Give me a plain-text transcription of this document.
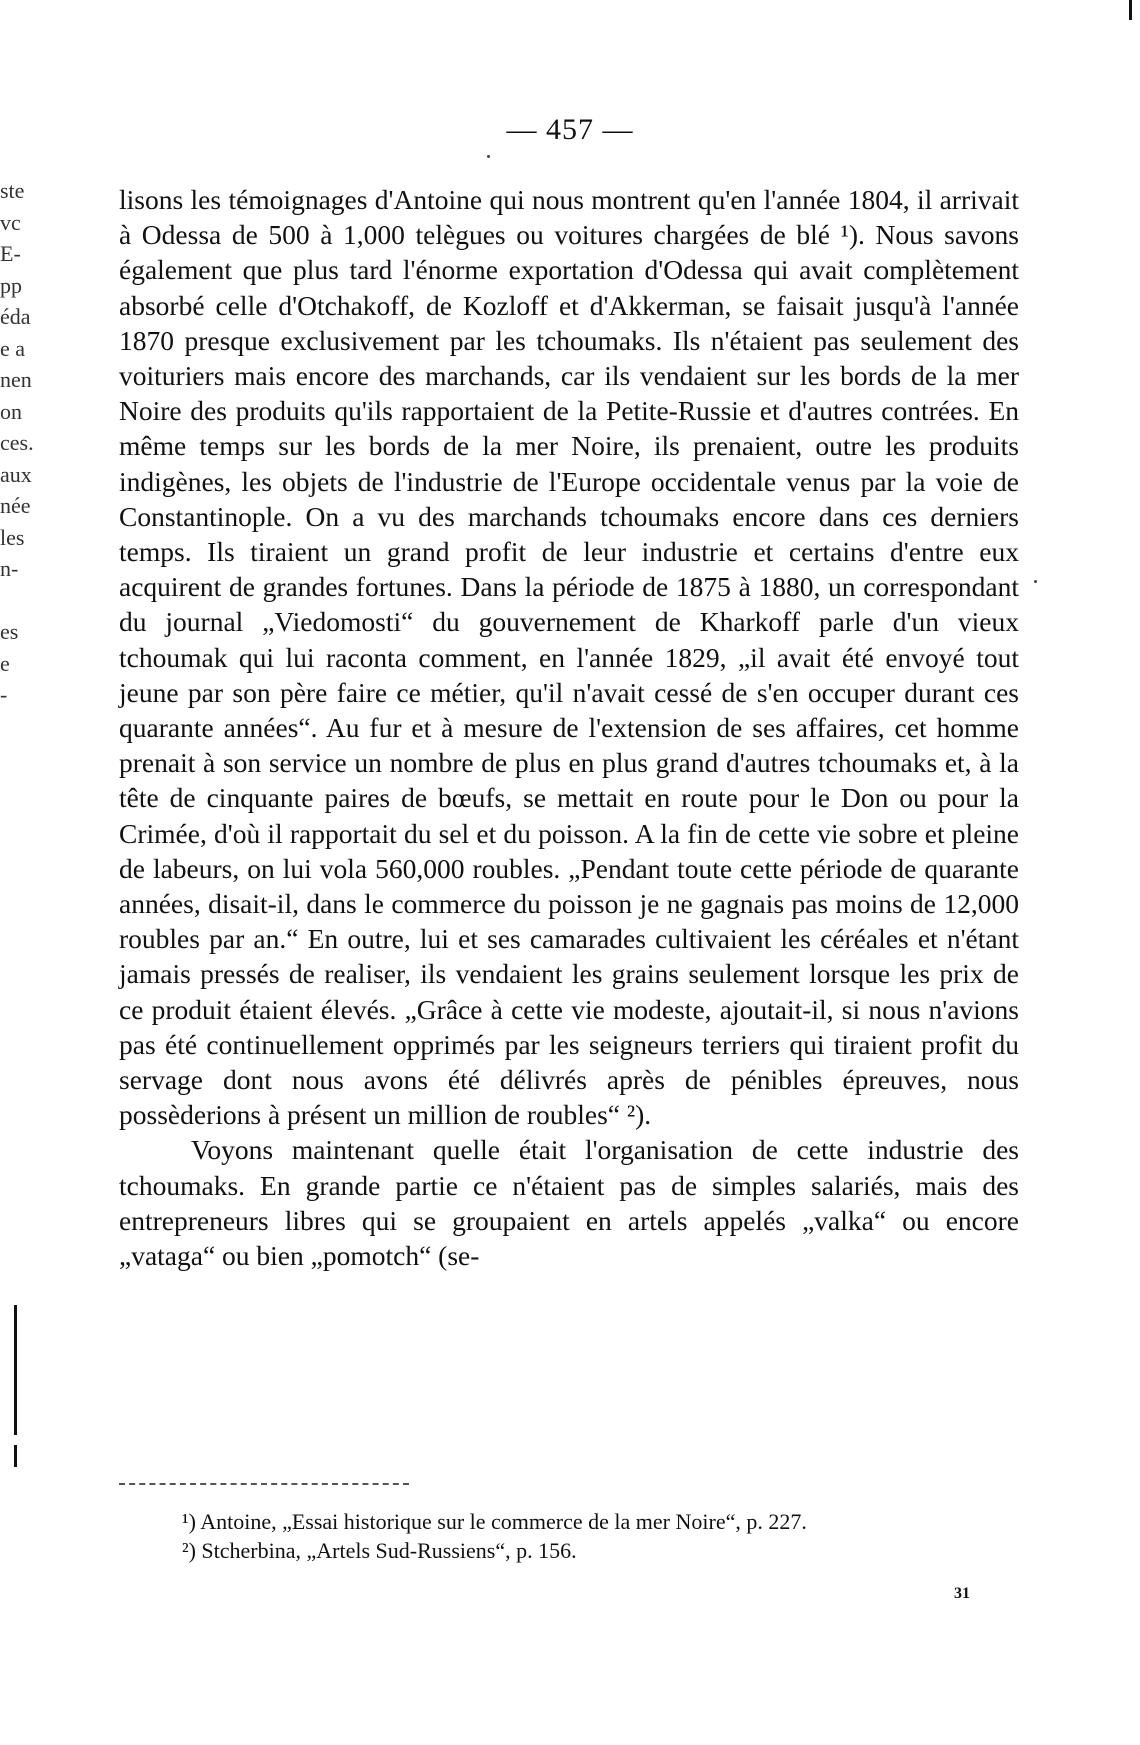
— 457 —

lisons les témoignages d'Antoine qui nous montrent qu'en l'année 1804, il arrivait à Odessa de 500 à 1,000 telègues ou voitures chargées de blé ¹). Nous savons également que plus tard l'énorme exportation d'Odessa qui avait complètement absorbé celle d'Otchakoff, de Kozloff et d'Akkerman, se faisait jusqu'à l'année 1870 presque exclusivement par les tchoumaks. Ils n'étaient pas seulement des voituriers mais encore des marchands, car ils vendaient sur les bords de la mer Noire des produits qu'ils rapportaient de la Petite-Russie et d'autres contrées. En même temps sur les bords de la mer Noire, ils prenaient, outre les produits indigènes, les objets de l'industrie de l'Europe occidentale venus par la voie de Constantinople. On a vu des marchands tchoumaks encore dans ces derniers temps. Ils tiraient un grand profit de leur industrie et certains d'entre eux acquirent de grandes fortunes. Dans la période de 1875 à 1880, un correspondant du journal „Viedomosti“ du gouvernement de Kharkoff parle d'un vieux tchoumak qui lui raconta comment, en l'année 1829, „il avait été envoyé tout jeune par son père faire ce métier, qu'il n'avait cessé de s'en occuper durant ces quarante années“. Au fur et à mesure de l'extension de ses affaires, cet homme prenait à son service un nombre de plus en plus grand d'autres tchoumaks et, à la tête de cinquante paires de bœufs, se mettait en route pour le Don ou pour la Crimée, d'où il rapportait du sel et du poisson. A la fin de cette vie sobre et pleine de labeurs, on lui vola 560,000 roubles. „Pendant toute cette période de quarante années, disait-il, dans le commerce du poisson je ne gagnais pas moins de 12,000 roubles par an.“ En outre, lui et ses camarades cultivaient les céréales et n'étant jamais pressés de realiser, ils vendaient les grains seulement lorsque les prix de ce produit étaient élevés. „Grâce à cette vie modeste, ajoutait-il, si nous n'avions pas été continuellement opprimés par les seigneurs terriers qui tiraient profit du servage dont nous avons été délivrés après de pénibles épreuves, nous possèderions à présent un million de roubles“ ²).

Voyons maintenant quelle était l'organisation de cette industrie des tchoumaks. En grande partie ce n'étaient pas de simples salariés, mais des entrepreneurs libres qui se groupaient en artels appelés „valka“ ou encore „vataga“ ou bien „pomotch“ (se-

¹) Antoine, „Essai historique sur le commerce de la mer Noire“, p. 227.
²) Stcherbina, „Artels Sud-Russiens“, p. 156.
31
ste
vc
E-
pp
éda
e a
nen
on
ces.
aux
née
les
n-
es
e
-
